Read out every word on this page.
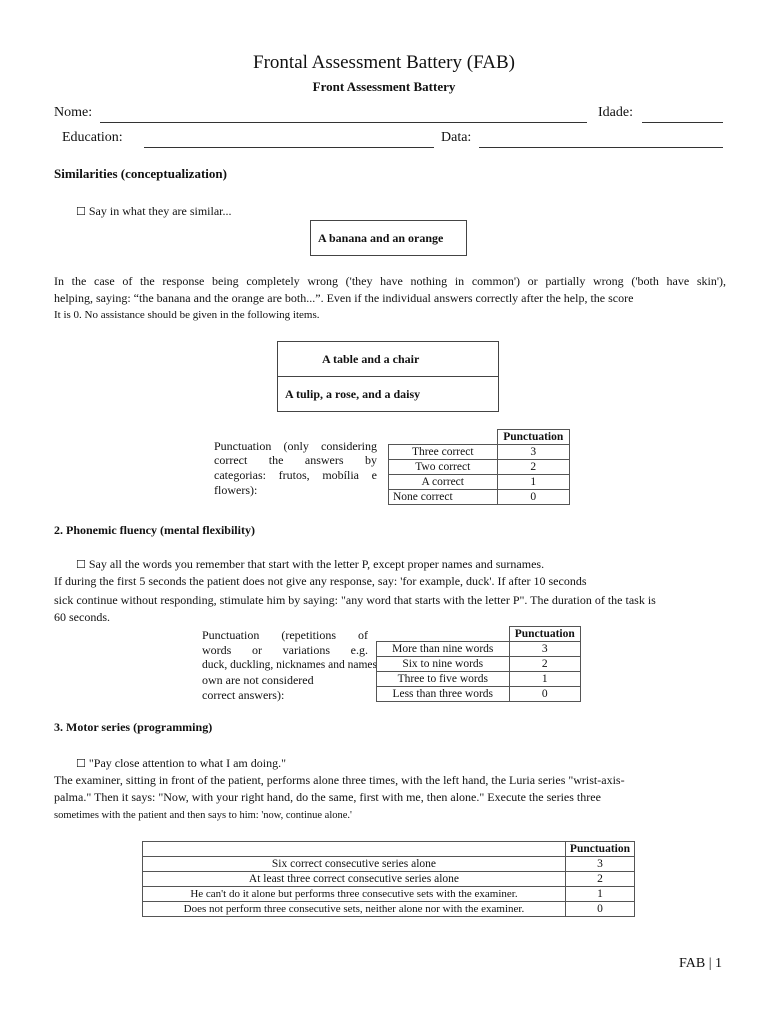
Frontal Assessment Battery (FAB)
Front Assessment Battery
Nome:	Idade:
Education:	Data:
Similarities (conceptualization)
☐ Say in what they are similar...
A banana and an orange
In the case of the response being completely wrong ('they have nothing in common') or partially wrong ('both have skin'),
helping, saying: “the banana and the orange are both...”. Even if the individual answers correctly after the help, the score
It is 0. No assistance should be given in the following items.
A table and a chair
A tulip, a rose, and a daisy
Punctuation (only considering
correct the answers by
categorias: frutos, mobília e
flowers):
	Punctuation
Three correct	3
Two correct	2
A correct	1
None correct	0
2. Phonemic fluency (mental flexibility)
☐ Say all the words you remember that start with the letter P, except proper names and surnames.
If during the first 5 seconds the patient does not give any response, say: 'for example, duck'. If after 10 seconds
sick continue without responding, stimulate him by saying: "any word that starts with the letter P". The duration of the task is
60 seconds.
Punctuation (repetitions of
words or variations e.g.
duck, duckling, nicknames and names
own are not considered
correct answers):
	Punctuation
More than nine words	3
Six to nine words	2
Three to five words	1
Less than three words	0
3. Motor series (programming)
☐ "Pay close attention to what I am doing."
The examiner, sitting in front of the patient, performs alone three times, with the left hand, the Luria series "wrist-axis-
palma." Then it says: "Now, with your right hand, do the same, first with me, then alone." Execute the series three
sometimes with the patient and then says to him: 'now, continue alone.'
	Punctuation
Six correct consecutive series alone	3
At least three correct consecutive series alone	2
He can't do it alone but performs three consecutive sets with the examiner.	1
Does not perform three consecutive sets, neither alone nor with the examiner.	0
FAB | 1
